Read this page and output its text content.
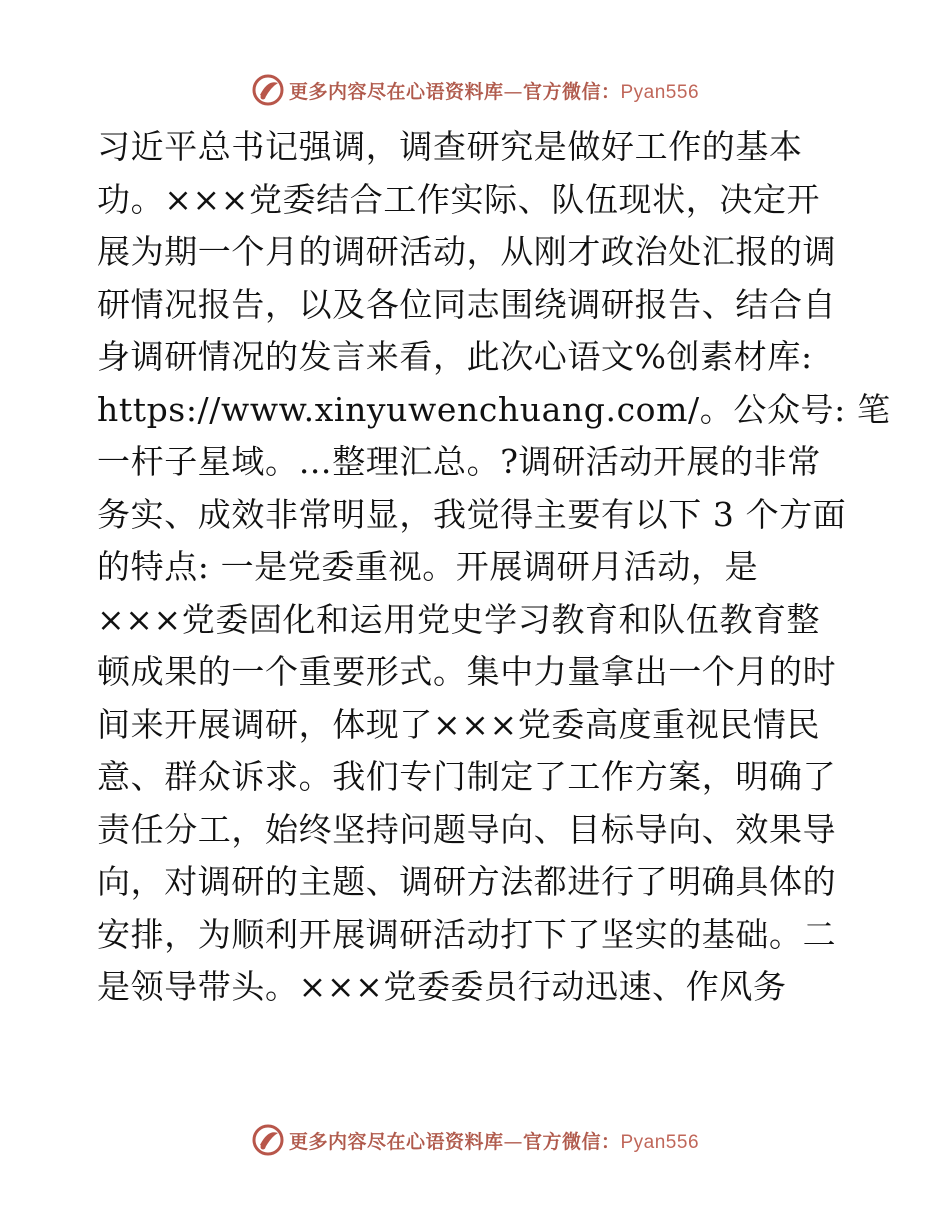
更多内容尽在心语资料库—官方微信：Pyan556
习近平总书记强调，调查研究是做好工作的基本
功。×××党委结合工作实际、队伍现状，决定开
展为期一个月的调研活动，从刚才政治处汇报的调
研情况报告，以及各位同志围绕调研报告、结合自
身调研情况的发言来看，此次心语文%创素材库:
https://www.xinyuwenchuang.com/。公众号: 笔
一杆子星域。…整理汇总。?调研活动开展的非常
务实、成效非常明显，我觉得主要有以下 3 个方面
的特点: 一是党委重视。开展调研月活动，是
×××党委固化和运用党史学习教育和队伍教育整
顿成果的一个重要形式。集中力量拿出一个月的时
间来开展调研，体现了×××党委高度重视民情民
意、群众诉求。我们专门制定了工作方案，明确了
责任分工，始终坚持问题导向、目标导向、效果导
向，对调研的主题、调研方法都进行了明确具体的
安排，为顺利开展调研活动打下了坚实的基础。二
是领导带头。×××党委委员行动迅速、作风务
更多内容尽在心语资料库—官方微信：Pyan556
